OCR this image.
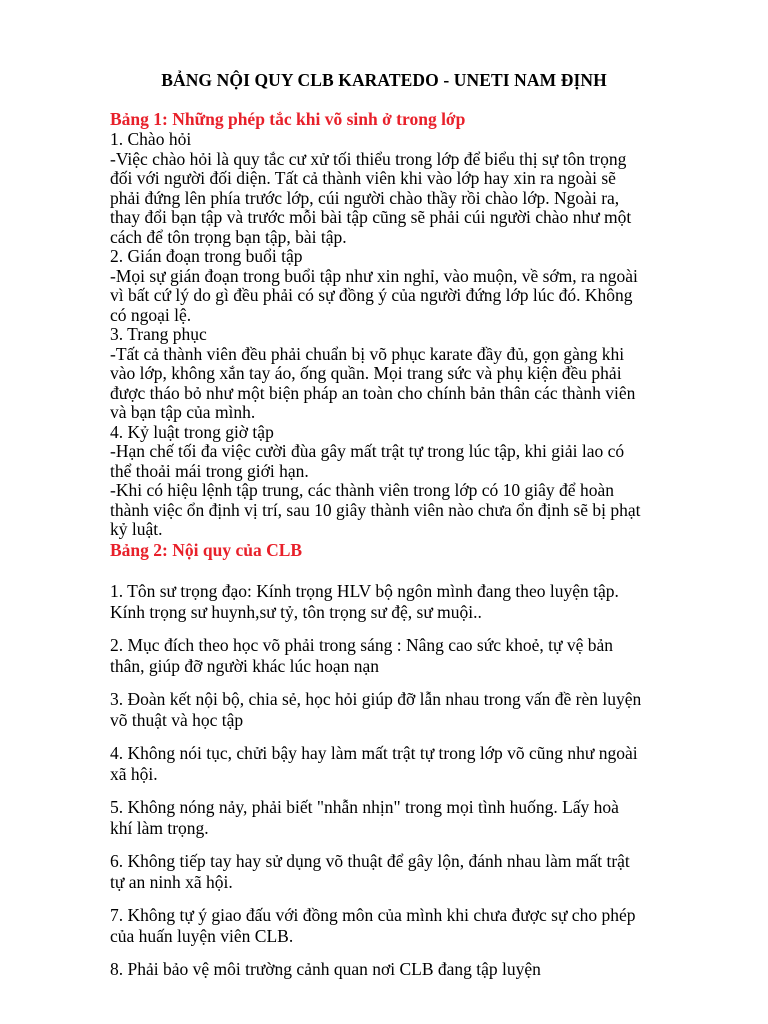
BẢNG NỘI QUY CLB KARATEDO - UNETI NAM ĐỊNH
Bảng 1: Những phép tắc khi võ sinh ở trong lớp

1. Chào hỏi

-Việc chào hỏi là quy tắc cư xử tối thiểu trong lớp để biểu thị sự tôn trọng

đối với người đối diện. Tất cả thành viên khi vào lớp hay xin ra ngoài sẽ

phải đứng lên phía trước lớp, cúi người chào thầy rồi chào lớp. Ngoài ra,

thay đổi bạn tập và trước mỗi bài tập cũng sẽ phải cúi người chào như một

cách để tôn trọng bạn tập, bài tập.

2. Gián đoạn trong buổi tập

-Mọi sự gián đoạn trong buổi tập như xin nghỉ, vào muộn, về sớm, ra ngoài

vì bất cứ lý do gì đều phải có sự đồng ý của người đứng lớp lúc đó. Không

có ngoại lệ.

3. Trang phục

-Tất cả thành viên đều phải chuẩn bị võ phục karate đầy đủ, gọn gàng khi

vào lớp, không xắn tay áo, ống quần. Mọi trang sức và phụ kiện đều phải

được tháo bỏ như một biện pháp an toàn cho chính bản thân các thành viên

và bạn tập của mình.

4. Kỷ luật trong giờ tập

-Hạn chế tối đa việc cười đùa gây mất trật tự trong lúc tập, khi giải lao có

thể thoải mái trong giới hạn.

-Khi có hiệu lệnh tập trung, các thành viên trong lớp có 10 giây để hoàn

thành việc ổn định vị trí, sau 10 giây thành viên nào chưa ổn định sẽ bị phạt

kỷ luật.

Bảng 2: Nội quy của CLB

1. Tôn sư trọng đạo: Kính trọng HLV bộ ngôn mình đang theo luyện tập.
Kính trọng sư huynh,sư tỷ, tôn trọng sư đệ, sư muội..

2. Mục đích theo học võ phải trong sáng : Nâng cao sức khoẻ, tự vệ bản
thân, giúp đỡ người khác lúc hoạn nạn

3. Đoàn kết nội bộ, chia sẻ, học hỏi giúp đỡ lẫn nhau trong vấn đề rèn luyện
võ thuật và học tập

4. Không nói tục, chửi bậy hay làm mất trật tự trong lớp võ cũng như ngoài
xã hội.

5. Không nóng nảy, phải biết "nhẫn nhịn" trong mọi tình huống. Lấy hoà
khí làm trọng.

6. Không tiếp tay hay sử dụng võ thuật để gây lộn, đánh nhau làm mất trật
tự an ninh xã hội.

7. Không tự ý giao đấu với đồng môn của mình khi chưa được sự cho phép
của huấn luyện viên CLB.

8. Phải bảo vệ môi trường cảnh quan nơi CLB đang tập luyện
